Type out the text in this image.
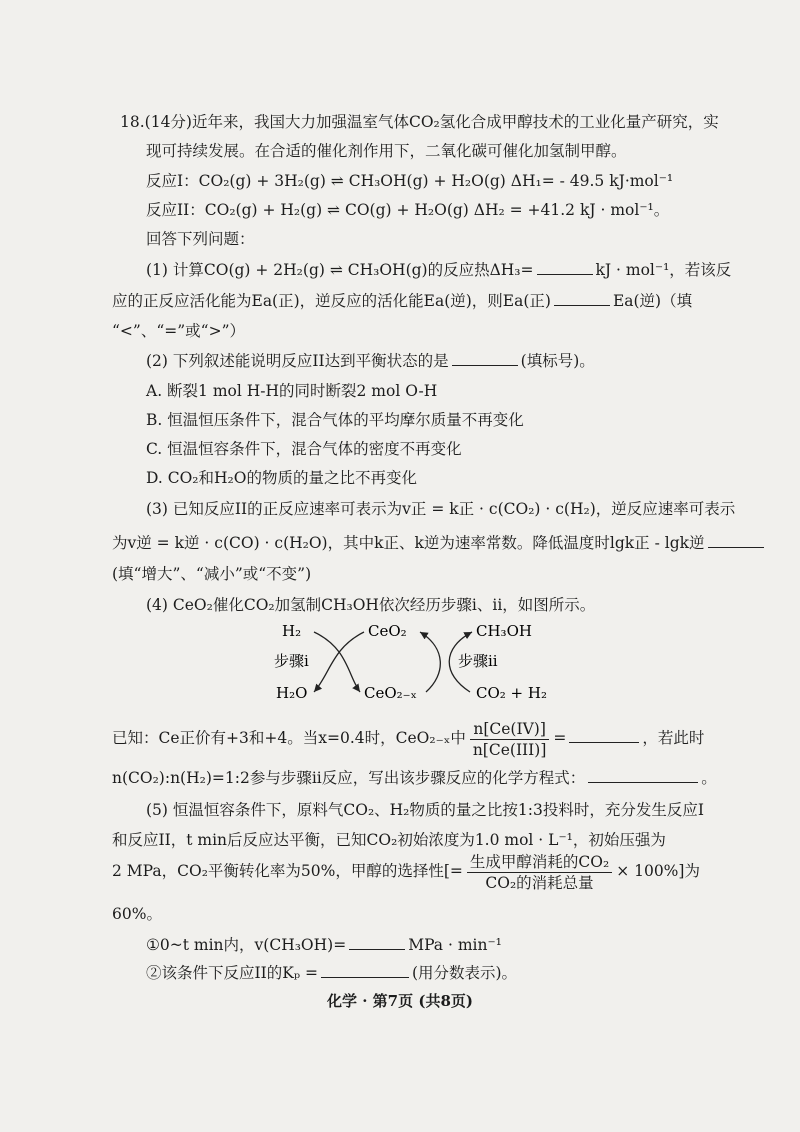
18.(14分)近年来，我国大力加强温室气体CO₂氢化合成甲醇技术的工业化量产研究，实
现可持续发展。在合适的催化剂作用下，二氧化碳可催化加氢制甲醇。
反应I：CO₂(g) + 3H₂(g) ⇌ CH₃OH(g) + H₂O(g) ΔH₁= - 49.5 kJ·mol⁻¹
反应II：CO₂(g) + H₂(g) ⇌ CO(g) + H₂O(g) ΔH₂ = +41.2 kJ · mol⁻¹。
回答下列问题：
(1) 计算CO(g) + 2H₂(g) ⇌ CH₃OH(g)的反应热ΔH₃=	kJ · mol⁻¹，若该反
应的正反应活化能为Ea(正)，逆反应的活化能Ea(逆)，则Ea(正)	Ea(逆)（填
“<”、“=”或“>”）
(2) 下列叙述能说明反应II达到平衡状态的是	(填标号)。
A. 断裂1 mol H-H的同时断裂2 mol O-H
B. 恒温恒压条件下，混合气体的平均摩尔质量不再变化
C. 恒温恒容条件下，混合气体的密度不再变化
D. CO₂和H₂O的物质的量之比不再变化
(3) 已知反应II的正反应速率可表示为v正 = k正 · c(CO₂) · c(H₂)，逆反应速率可表示
为v逆 = k逆 · c(CO) · c(H₂O)，其中k正、k逆为速率常数。降低温度时lgk正 - lgk逆
(填“增大”、“减小”或“不变”)
(4) CeO₂催化CO₂加氢制CH₃OH依次经历步骤i、ii，如图所示。
H₂	CeO₂	CH₃OH
步骤i	步骤ii
H₂O	CeO₂₋ₓ	CO₂ + H₂
已知：Ce正价有+3和+4。当x=0.4时，CeO₂₋ₓ中 $\frac{n[Ce(IV)]}{\text{n[Ce(III)]}}$ =	，若此时
n(CO₂):n(H₂)=1:2参与步骤ii反应，写出该步骤反应的化学方程式：	。
(5) 恒温恒容条件下，原料气CO₂、H₂物质的量之比按1:3投料时，充分发生反应I
和反应II，t min后反应达平衡，已知CO₂初始浓度为1.0 mol · L⁻¹，初始压强为
2 MPa，CO₂平衡转化率为50%，甲醇的选择性[= $\frac{\text{生成甲醇消耗的CO₂}}{\text{CO₂的消耗总量}} \times 100\%$]为
60%。
①0~t min内，v(CH₃OH)=	MPa · min⁻¹
②该条件下反应II的Kₚ =	(用分数表示)。
化学 · 第7页 (共8页)
